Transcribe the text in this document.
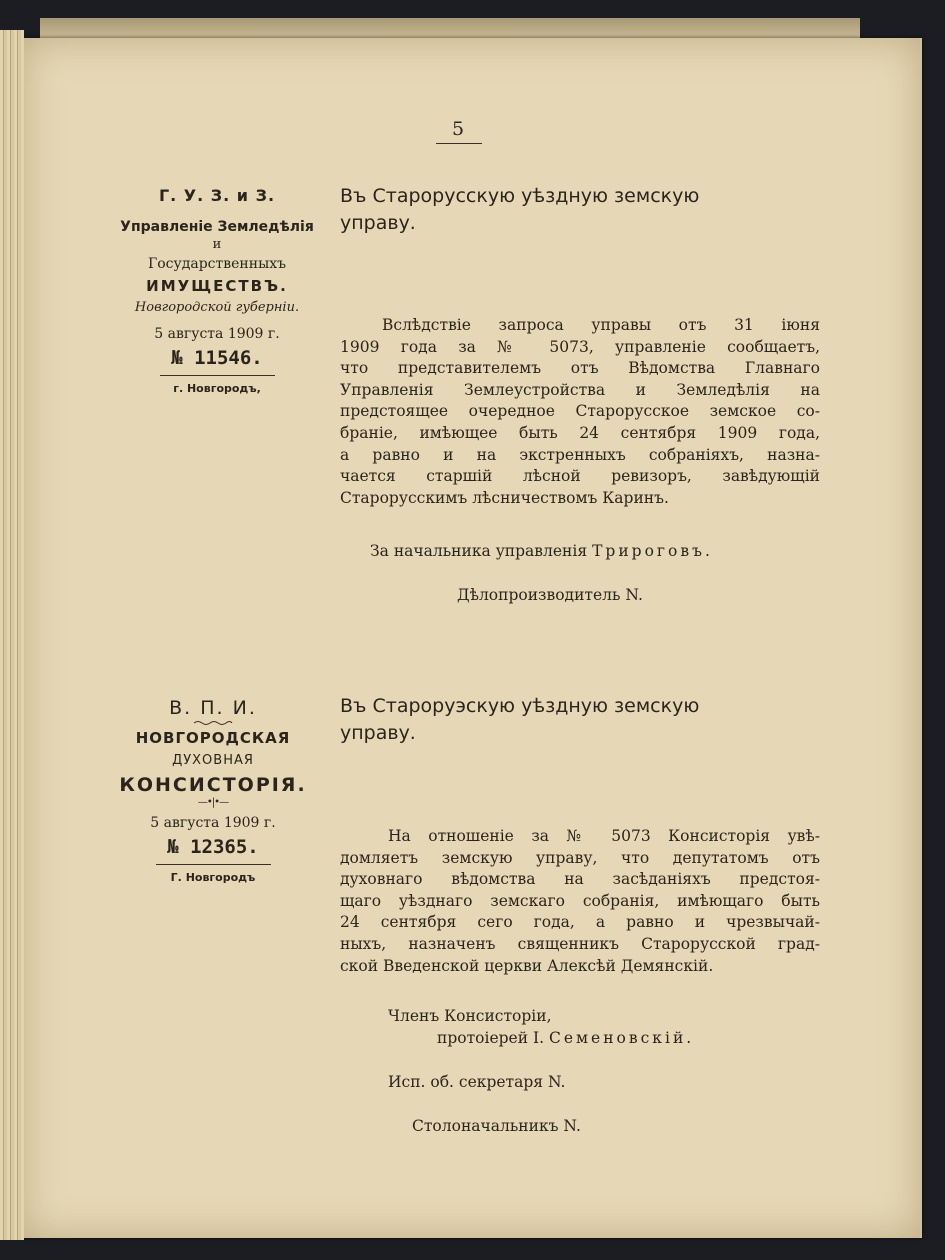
5
Г. У. З. и З.
Управленіе Земледѣлія
и
Государственныхъ
ИМУЩЕСТВЪ.
Новгородской губерніи.
5 августа 1909 г.
№ 11546.
г. Новгородъ,
Въ Старорусскую уѣздную земскую
управу.
Вслѣдствіе запроса управы отъ 31 іюня
1909 года за № 5073, управленіе сообщаетъ,
что представителемъ отъ Вѣдомства Главнаго
Управленія Землеустройства и Земледѣлія на
предстоящее очередное Старорусское земское со-
браніе, имѣющее быть 24 сентября 1909 года,
а равно и на экстренныхъ собраніяхъ, назна-
чается старшій лѣсной ревизоръ, завѣдующій
Старорусскимъ лѣсничествомъ Каринъ.
За начальника управленія Трироговъ.
Дѣлопроизводитель N.
В. П. И.
НОВГОРОДСКАЯ
ДУХОВНАЯ
КОНСИСТОРІЯ.
—•|•—
5 августа 1909 г.
№ 12365.
Г. Новгородъ
Въ Староруэскую уѣздную земскую
управу.
На отношеніе за № 5073 Консисторія увѣ-
домляетъ земскую управу, что депутатомъ отъ
духовнаго вѣдомства на засѣданіяхъ предстоя-
щаго уѣзднаго земскаго собранія, имѣющаго быть
24 сентября сего года, а равно и чрезвычай-
ныхъ, назначенъ священникъ Старорусской град-
ской Введенской церкви Алексѣй Демянскій.
Членъ Консисторіи,
протоіерей І. Семеновскій.
Исп. об. секретаря N.
Столоначальникъ N.
